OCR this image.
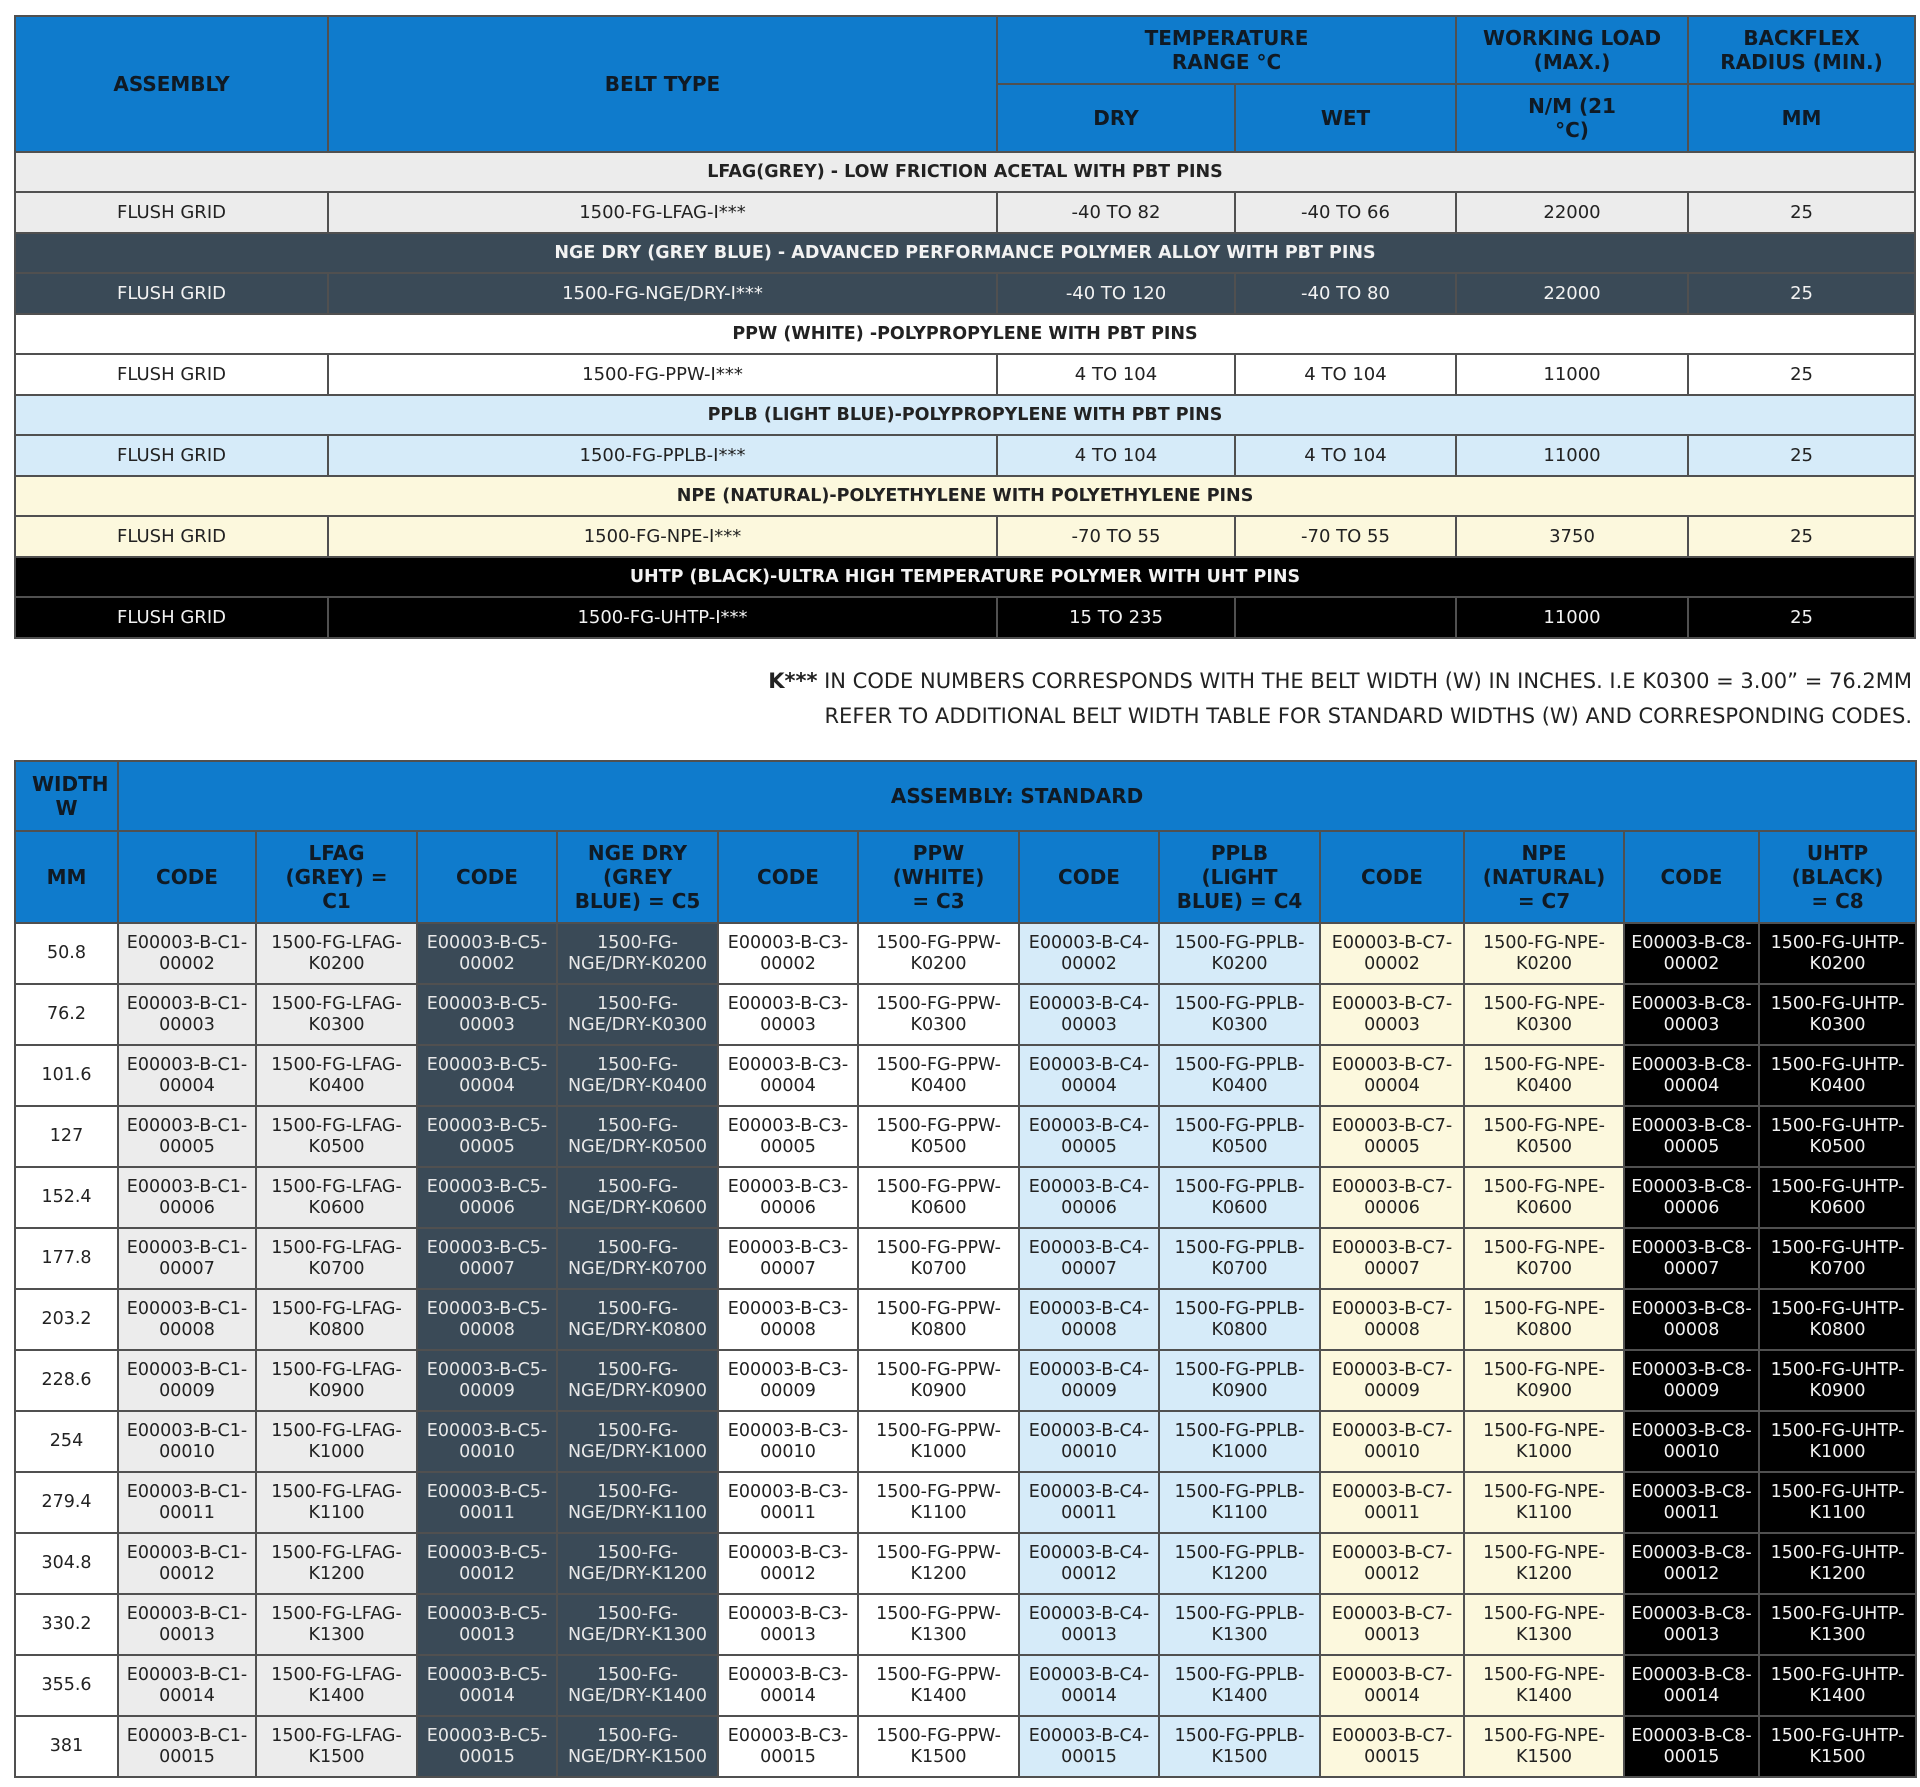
ASSEMBLY	BELT TYPE	TEMPERATURE RANGE °C		WORKING LOAD (MAX.)	BACKFLEX RADIUS (MIN.)
		DRY	WET	N/M (21 °C)	MM
LFAG(GREY) - LOW FRICTION ACETAL WITH PBT PINS					
FLUSH GRID	1500-FG-LFAG-I***	-40 TO 82	-40 TO 66	22000	25
NGE DRY (GREY BLUE) - ADVANCED PERFORMANCE POLYMER ALLOY WITH PBT PINS					
FLUSH GRID	1500-FG-NGE/DRY-I***	-40 TO 120	-40 TO 80	22000	25
PPW (WHITE) -POLYPROPYLENE WITH PBT PINS					
FLUSH GRID	1500-FG-PPW-I***	4 TO 104	4 TO 104	11000	25
PPLB (LIGHT BLUE)-POLYPROPYLENE WITH PBT PINS					
FLUSH GRID	1500-FG-PPLB-I***	4 TO 104	4 TO 104	11000	25
NPE (NATURAL)-POLYETHYLENE WITH POLYETHYLENE PINS					
FLUSH GRID	1500-FG-NPE-I***	-70 TO 55	-70 TO 55	3750	25
UHTP (BLACK)-ULTRA HIGH TEMPERATURE POLYMER WITH UHT PINS					
FLUSH GRID	1500-FG-UHTP-I***	15 TO 235		11000	25
K*** IN CODE NUMBERS CORRESPONDS WITH THE BELT WIDTH (W) IN INCHES. I.E K0300 = 3.00” = 76.2MM
REFER TO ADDITIONAL BELT WIDTH TABLE FOR STANDARD WIDTHS (W) AND CORRESPONDING CODES.
WIDTH W	ASSEMBLY: STANDARD											
MM	CODE	LFAG (GREY) = C1	CODE	NGE DRY (GREY BLUE) = C5	CODE	PPW (WHITE) = C3	CODE	PPLB (LIGHT BLUE) = C4	CODE	NPE (NATURAL) = C7	CODE	UHTP (BLACK) = C8
50.8	E00003-B-C1-00002	1500-FG-LFAG-K0200	E00003-B-C5-00002	1500-FG-NGE/DRY-K0200	E00003-B-C3-00002	1500-FG-PPW-K0200	E00003-B-C4-00002	1500-FG-PPLB-K0200	E00003-B-C7-00002	1500-FG-NPE-K0200	E00003-B-C8-00002	1500-FG-UHTP-K0200
76.2	E00003-B-C1-00003	1500-FG-LFAG-K0300	E00003-B-C5-00003	1500-FG-NGE/DRY-K0300	E00003-B-C3-00003	1500-FG-PPW-K0300	E00003-B-C4-00003	1500-FG-PPLB-K0300	E00003-B-C7-00003	1500-FG-NPE-K0300	E00003-B-C8-00003	1500-FG-UHTP-K0300
101.6	E00003-B-C1-00004	1500-FG-LFAG-K0400	E00003-B-C5-00004	1500-FG-NGE/DRY-K0400	E00003-B-C3-00004	1500-FG-PPW-K0400	E00003-B-C4-00004	1500-FG-PPLB-K0400	E00003-B-C7-00004	1500-FG-NPE-K0400	E00003-B-C8-00004	1500-FG-UHTP-K0400
127	E00003-B-C1-00005	1500-FG-LFAG-K0500	E00003-B-C5-00005	1500-FG-NGE/DRY-K0500	E00003-B-C3-00005	1500-FG-PPW-K0500	E00003-B-C4-00005	1500-FG-PPLB-K0500	E00003-B-C7-00005	1500-FG-NPE-K0500	E00003-B-C8-00005	1500-FG-UHTP-K0500
152.4	E00003-B-C1-00006	1500-FG-LFAG-K0600	E00003-B-C5-00006	1500-FG-NGE/DRY-K0600	E00003-B-C3-00006	1500-FG-PPW-K0600	E00003-B-C4-00006	1500-FG-PPLB-K0600	E00003-B-C7-00006	1500-FG-NPE-K0600	E00003-B-C8-00006	1500-FG-UHTP-K0600
177.8	E00003-B-C1-00007	1500-FG-LFAG-K0700	E00003-B-C5-00007	1500-FG-NGE/DRY-K0700	E00003-B-C3-00007	1500-FG-PPW-K0700	E00003-B-C4-00007	1500-FG-PPLB-K0700	E00003-B-C7-00007	1500-FG-NPE-K0700	E00003-B-C8-00007	1500-FG-UHTP-K0700
203.2	E00003-B-C1-00008	1500-FG-LFAG-K0800	E00003-B-C5-00008	1500-FG-NGE/DRY-K0800	E00003-B-C3-00008	1500-FG-PPW-K0800	E00003-B-C4-00008	1500-FG-PPLB-K0800	E00003-B-C7-00008	1500-FG-NPE-K0800	E00003-B-C8-00008	1500-FG-UHTP-K0800
228.6	E00003-B-C1-00009	1500-FG-LFAG-K0900	E00003-B-C5-00009	1500-FG-NGE/DRY-K0900	E00003-B-C3-00009	1500-FG-PPW-K0900	E00003-B-C4-00009	1500-FG-PPLB-K0900	E00003-B-C7-00009	1500-FG-NPE-K0900	E00003-B-C8-00009	1500-FG-UHTP-K0900
254	E00003-B-C1-00010	1500-FG-LFAG-K1000	E00003-B-C5-00010	1500-FG-NGE/DRY-K1000	E00003-B-C3-00010	1500-FG-PPW-K1000	E00003-B-C4-00010	1500-FG-PPLB-K1000	E00003-B-C7-00010	1500-FG-NPE-K1000	E00003-B-C8-00010	1500-FG-UHTP-K1000
279.4	E00003-B-C1-00011	1500-FG-LFAG-K1100	E00003-B-C5-00011	1500-FG-NGE/DRY-K1100	E00003-B-C3-00011	1500-FG-PPW-K1100	E00003-B-C4-00011	1500-FG-PPLB-K1100	E00003-B-C7-00011	1500-FG-NPE-K1100	E00003-B-C8-00011	1500-FG-UHTP-K1100
304.8	E00003-B-C1-00012	1500-FG-LFAG-K1200	E00003-B-C5-00012	1500-FG-NGE/DRY-K1200	E00003-B-C3-00012	1500-FG-PPW-K1200	E00003-B-C4-00012	1500-FG-PPLB-K1200	E00003-B-C7-00012	1500-FG-NPE-K1200	E00003-B-C8-00012	1500-FG-UHTP-K1200
330.2	E00003-B-C1-00013	1500-FG-LFAG-K1300	E00003-B-C5-00013	1500-FG-NGE/DRY-K1300	E00003-B-C3-00013	1500-FG-PPW-K1300	E00003-B-C4-00013	1500-FG-PPLB-K1300	E00003-B-C7-00013	1500-FG-NPE-K1300	E00003-B-C8-00013	1500-FG-UHTP-K1300
355.6	E00003-B-C1-00014	1500-FG-LFAG-K1400	E00003-B-C5-00014	1500-FG-NGE/DRY-K1400	E00003-B-C3-00014	1500-FG-PPW-K1400	E00003-B-C4-00014	1500-FG-PPLB-K1400	E00003-B-C7-00014	1500-FG-NPE-K1400	E00003-B-C8-00014	1500-FG-UHTP-K1400
381	E00003-B-C1-00015	1500-FG-LFAG-K1500	E00003-B-C5-00015	1500-FG-NGE/DRY-K1500	E00003-B-C3-00015	1500-FG-PPW-K1500	E00003-B-C4-00015	1500-FG-PPLB-K1500	E00003-B-C7-00015	1500-FG-NPE-K1500	E00003-B-C8-00015	1500-FG-UHTP-K1500
